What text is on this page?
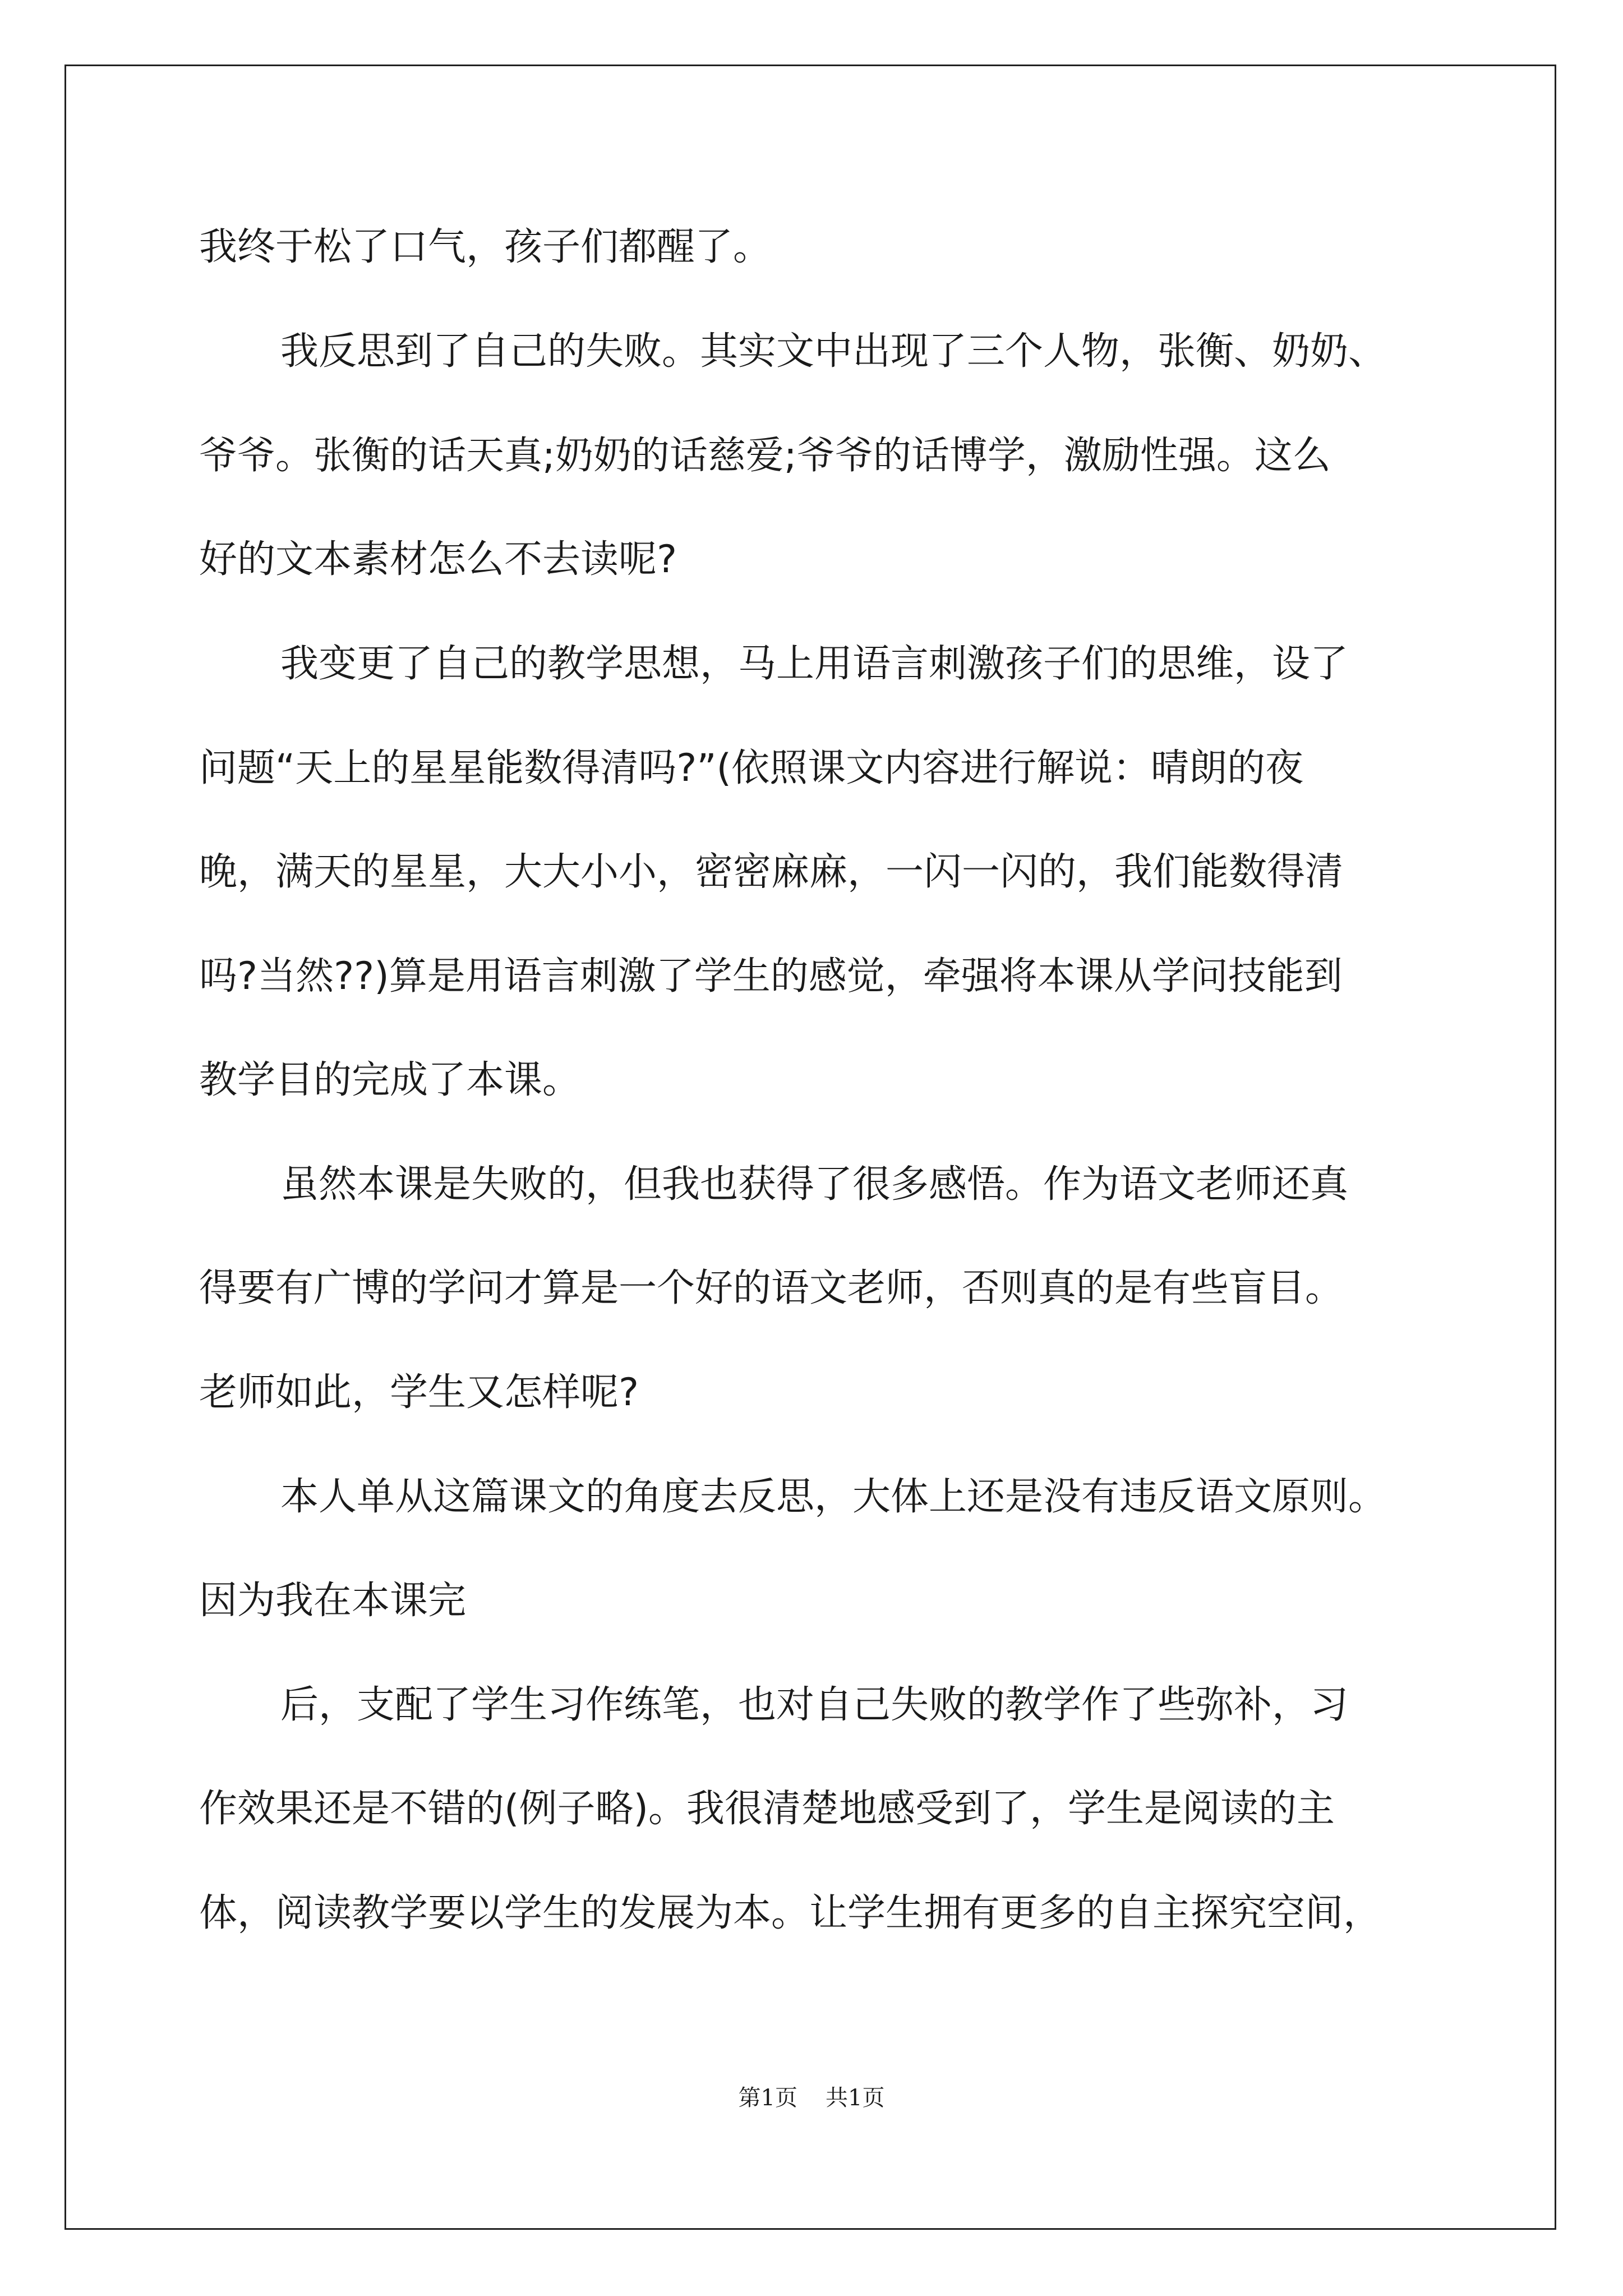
我终于松了口气，孩子们都醒了。
我反思到了自己的失败。其实文中出现了三个人物，张衡、奶奶、
爷爷。张衡的话天真;奶奶的话慈爱;爷爷的话博学，激励性强。这么
好的文本素材怎么不去读呢?
我变更了自己的教学思想，马上用语言刺激孩子们的思维，设了
问题“天上的星星能数得清吗?”(依照课文内容进行解说：晴朗的夜
晚，满天的星星，大大小小，密密麻麻，一闪一闪的，我们能数得清
吗?当然??)算是用语言刺激了学生的感觉，牵强将本课从学问技能到
教学目的完成了本课。
虽然本课是失败的，但我也获得了很多感悟。作为语文老师还真
得要有广博的学问才算是一个好的语文老师，否则真的是有些盲目。
老师如此，学生又怎样呢?
本人单从这篇课文的角度去反思，大体上还是没有违反语文原则。
因为我在本课完
后，支配了学生习作练笔，也对自己失败的教学作了些弥补，习
作效果还是不错的(例子略)。我很清楚地感受到了，学生是阅读的主
体，阅读教学要以学生的发展为本。让学生拥有更多的自主探究空间，
第1页 共1页
